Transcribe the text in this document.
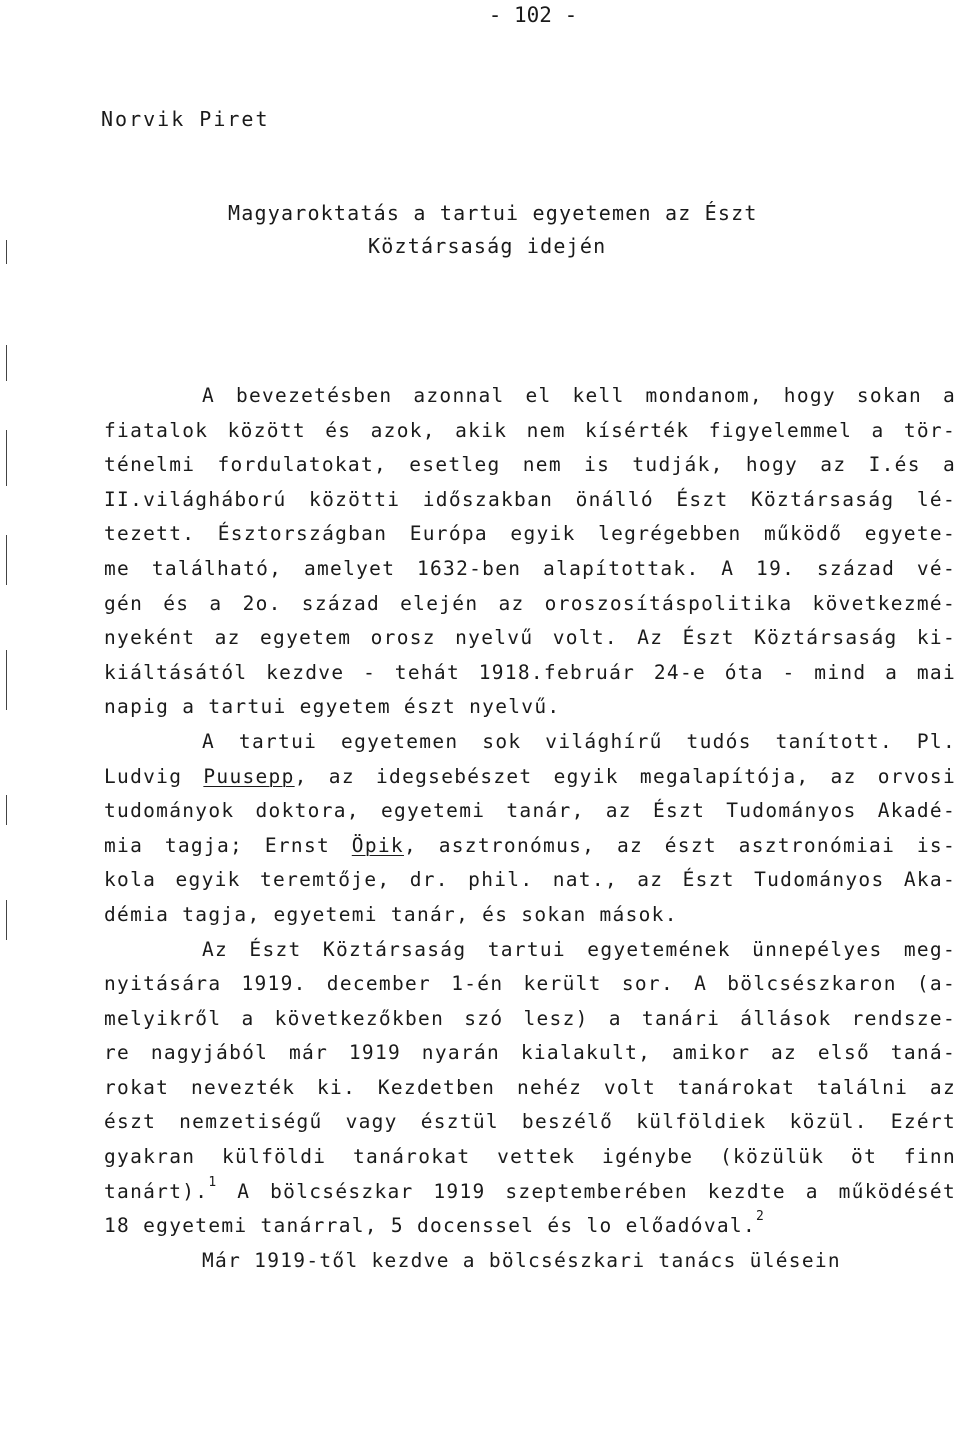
- 102 -
Norvik Piret
Magyaroktatás a tartui egyetemen az Észt
Köztársaság idején
A bevezetésben azonnal el kell mondanom, hogy sokan a
fiatalok között és azok, akik nem kísérték figyelemmel a tör-
ténelmi fordulatokat, esetleg nem is tudják, hogy az I.és a
II.világháború közötti időszakban önálló Észt Köztársaság lé-
tezett. Észtországban Európa egyik legrégebben működő egyete-
me található, amelyet 1632-ben alapítottak. A 19. század vé-
gén és a 2o. század elején az oroszosításpolitika következmé-
nyeként az egyetem orosz nyelvű volt. Az Észt Köztársaság ki-
kiáltásától kezdve - tehát 1918.február 24-e óta - mind a mai
napig a tartui egyetem észt nyelvű.
A tartui egyetemen sok világhírű tudós tanított. Pl.
Ludvig Puusepp, az idegsebészet egyik megalapítója, az orvosi
tudományok doktora, egyetemi tanár, az Észt Tudományos Akadé-
mia tagja; Ernst Öpik, asztronómus, az észt asztronómiai is-
kola egyik teremtője, dr. phil. nat., az Észt Tudományos Aka-
démia tagja, egyetemi tanár, és sokan mások.
Az Észt Köztársaság tartui egyetemének ünnepélyes meg-
nyitására 1919. december 1-én került sor. A bölcsészkaron (a-
melyikről a következőkben szó lesz) a tanári állások rendsze-
re nagyjából már 1919 nyarán kialakult, amikor az első taná-
rokat nevezték ki. Kezdetben nehéz volt tanárokat találni az
észt nemzetiségű vagy észtül beszélő külföldiek közül. Ezért
gyakran külföldi tanárokat vettek igénybe (közülük öt finn
tanárt).$^1$ A bölcsészkar 1919 szeptemberében kezdte a működését
18 egyetemi tanárral, 5 docenssel és lo előadóval.$^2$
Már 1919-től kezdve a bölcsészkari tanács ülésein
